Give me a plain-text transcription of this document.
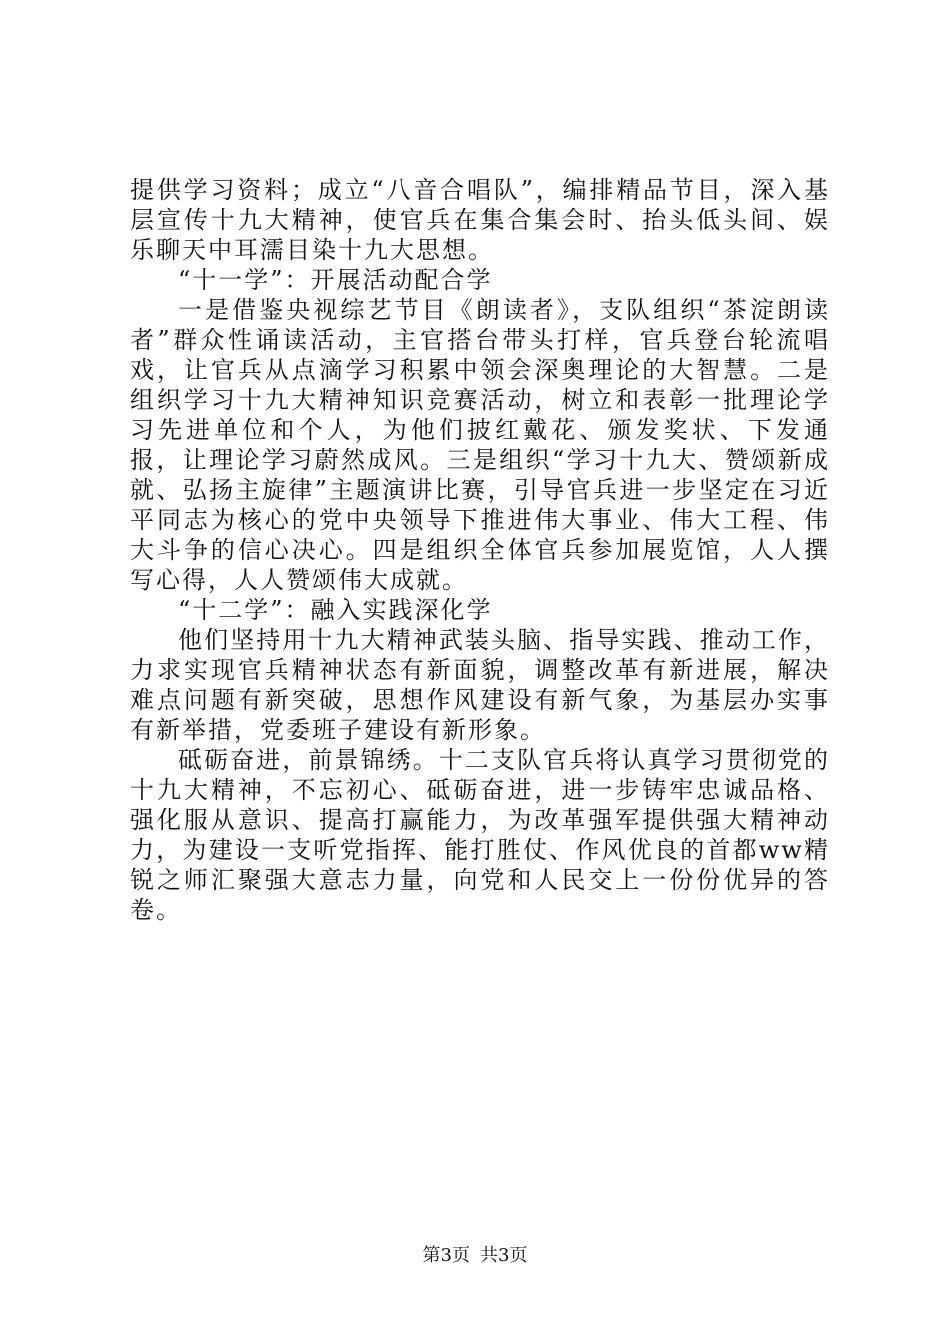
提供学习资料；成立“八音合唱队”，编排精品节目，深入基层宣传十九大精神，使官兵在集合集会时、抬头低头间、娱乐聊天中耳濡目染十九大思想。

“十一学”：开展活动配合学

一是借鉴央视综艺节目《朗读者》，支队组织“茶淀朗读者”群众性诵读活动，主官搭台带头打样，官兵登台轮流唱戏，让官兵从点滴学习积累中领会深奥理论的大智慧。二是组织学习十九大精神知识竞赛活动，树立和表彰一批理论学习先进单位和个人，为他们披红戴花、颁发奖状、下发通报，让理论学习蔚然成风。三是组织“学习十九大、赞颂新成就、弘扬主旋律”主题演讲比赛，引导官兵进一步坚定在习近平同志为核心的党中央领导下推进伟大事业、伟大工程、伟大斗争的信心决心。四是组织全体官兵参加展览馆，人人撰写心得，人人赞颂伟大成就。

“十二学”：融入实践深化学

他们坚持用十九大精神武装头脑、指导实践、推动工作，力求实现官兵精神状态有新面貌，调整改革有新进展，解决难点问题有新突破，思想作风建设有新气象，为基层办实事有新举措，党委班子建设有新形象。

砥砺奋进，前景锦绣。十二支队官兵将认真学习贯彻党的十九大精神，不忘初心、砥砺奋进，进一步铸牢忠诚品格、强化服从意识、提高打赢能力，为改革强军提供强大精神动力，为建设一支听党指挥、能打胜仗、作风优良的首都ww精锐之师汇聚强大意志力量，向党和人民交上一份份优异的答卷。

第3页 共3页
